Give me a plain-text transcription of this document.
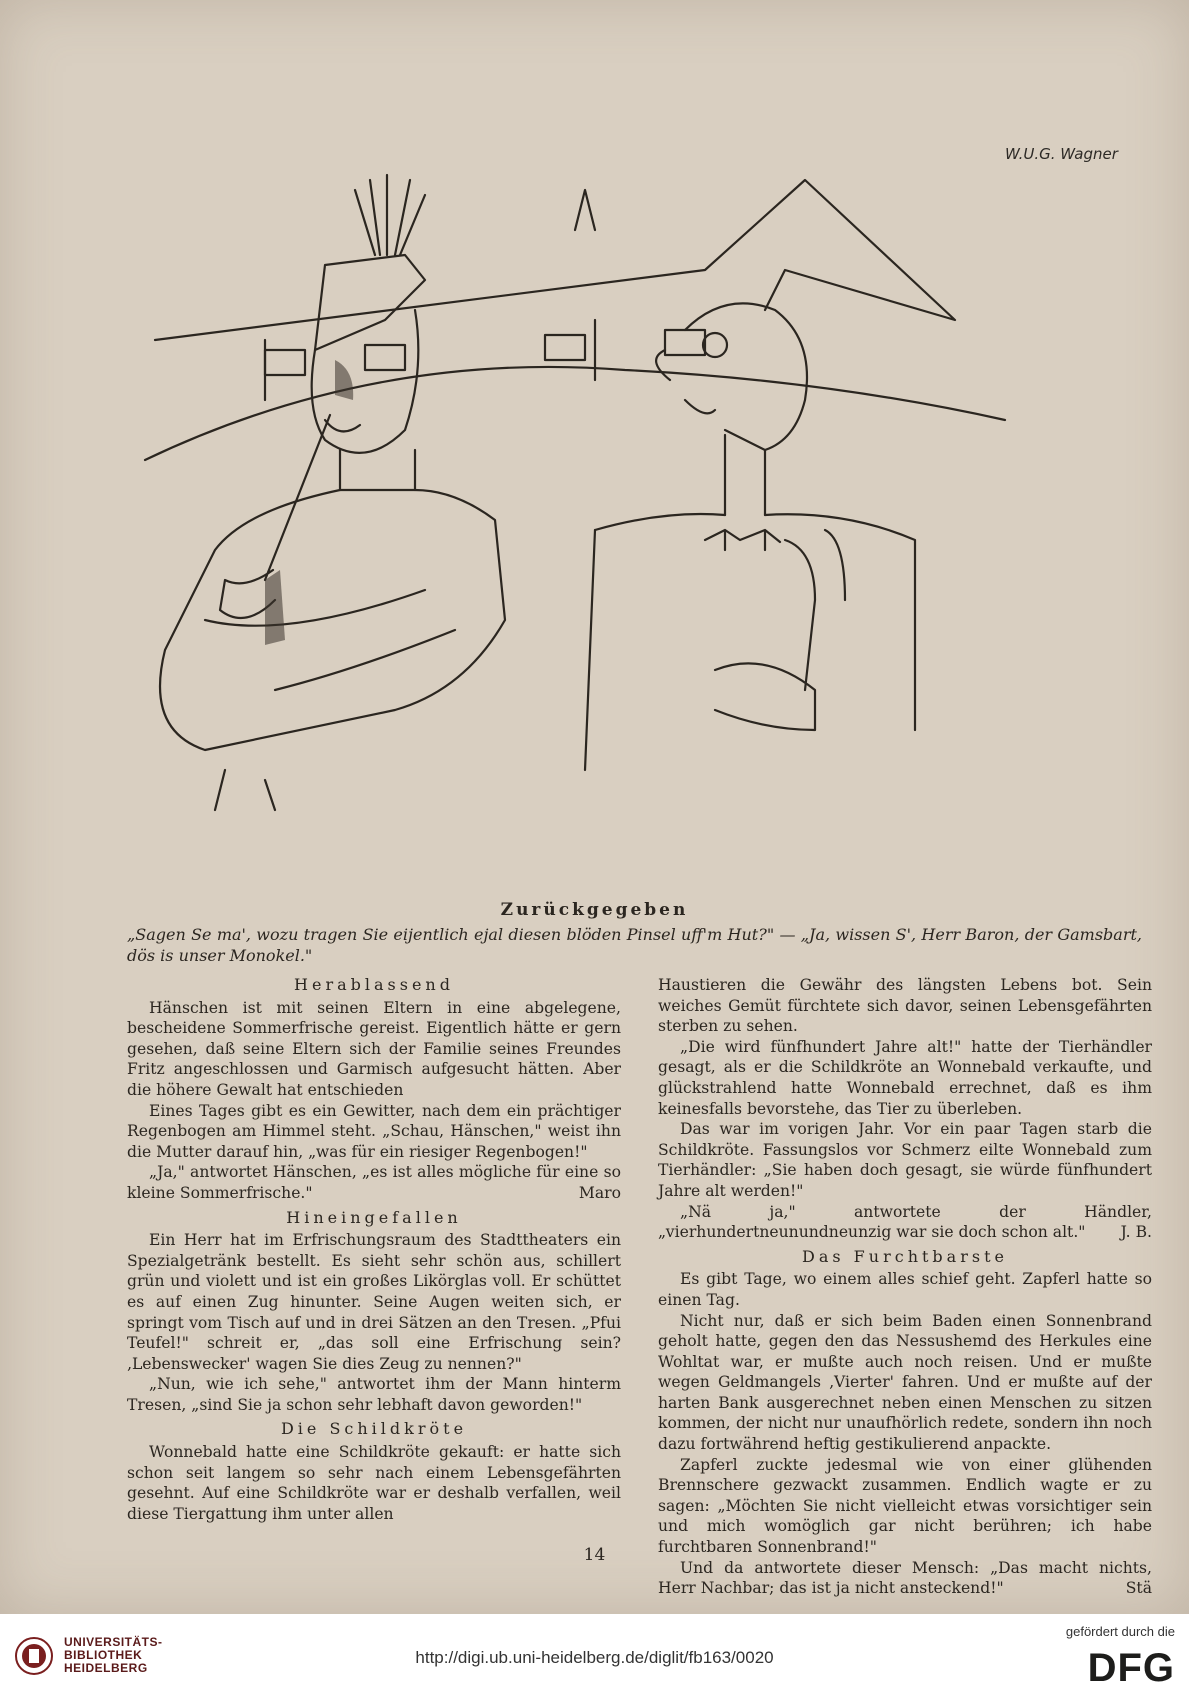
W.U.G. Wagner
Zurückgegeben
„Sagen Se ma', wozu tragen Sie eijentlich ejal diesen blöden Pinsel uff'm Hut?" — „Ja, wissen S', Herr Baron, der Gamsbart, dös is unser Monokel."
Herablassend

Hänschen ist mit seinen Eltern in eine abgelegene, bescheidene Sommerfrische gereist. Eigentlich hätte er gern gesehen, daß seine Eltern sich der Familie seines Freundes Fritz angeschlossen und Garmisch aufgesucht hätten. Aber die höhere Gewalt hat entschieden

Eines Tages gibt es ein Gewitter, nach dem ein prächtiger Regenbogen am Himmel steht. „Schau, Hänschen," weist ihn die Mutter darauf hin, „was für ein riesiger Regenbogen!"

„Ja," antwortet Hänschen, „es ist alles mögliche für eine so kleine Sommerfrische."	Maro

Hineingefallen

Ein Herr hat im Erfrischungsraum des Stadttheaters ein Spezialgetränk bestellt. Es sieht sehr schön aus, schillert grün und violett und ist ein großes Likörglas voll. Er schüttet es auf einen Zug hinunter. Seine Augen weiten sich, er springt vom Tisch auf und in drei Sätzen an den Tresen. „Pfui Teufel!" schreit er, „das soll eine Erfrischung sein? ‚Lebenswecker' wagen Sie dies Zeug zu nennen?"

„Nun, wie ich sehe," antwortet ihm der Mann hinterm Tresen, „sind Sie ja schon sehr lebhaft davon geworden!"

Die Schildkröte

Wonnebald hatte eine Schildkröte gekauft: er hatte sich schon seit langem so sehr nach einem Lebensgefährten gesehnt. Auf eine Schildkröte war er deshalb verfallen, weil diese Tiergattung ihm unter allen

Haustieren die Gewähr des längsten Lebens bot. Sein weiches Gemüt fürchtete sich davor, seinen Lebensgefährten sterben zu sehen.

„Die wird fünfhundert Jahre alt!" hatte der Tierhändler gesagt, als er die Schildkröte an Wonnebald verkaufte, und glückstrahlend hatte Wonnebald errechnet, daß es ihm keinesfalls bevorstehe, das Tier zu überleben.

Das war im vorigen Jahr. Vor ein paar Tagen starb die Schildkröte. Fassungslos vor Schmerz eilte Wonnebald zum Tierhändler: „Sie haben doch gesagt, sie würde fünfhundert Jahre alt werden!"

„Nä ja," antwortete der Händler, „vierhundertneunundneunzig war sie doch schon alt."	J. B.

Das Furchtbarste

Es gibt Tage, wo einem alles schief geht. Zapferl hatte so einen Tag.

Nicht nur, daß er sich beim Baden einen Sonnenbrand geholt hatte, gegen den das Nessushemd des Herkules eine Wohltat war, er mußte auch noch reisen. Und er mußte wegen Geldmangels ‚Vierter' fahren. Und er mußte auf der harten Bank ausgerechnet neben einen Menschen zu sitzen kommen, der nicht nur unaufhörlich redete, sondern ihn noch dazu fortwährend heftig gestikulierend anpackte.

Zapferl zuckte jedesmal wie von einer glühenden Brennschere gezwackt zusammen. Endlich wagte er zu sagen: „Möchten Sie nicht vielleicht etwas vorsichtiger sein und mich womöglich gar nicht berühren; ich habe furchtbaren Sonnenbrand!"

Und da antwortete dieser Mensch: „Das macht nichts, Herr Nachbar; das ist ja nicht ansteckend!"	Stä

14
UNIVERSITÄTS-
BIBLIOTHEK
HEIDELBERG
http://digi.ub.uni-heidelberg.de/diglit/fb163/0020
gefördert durch die
DFG
